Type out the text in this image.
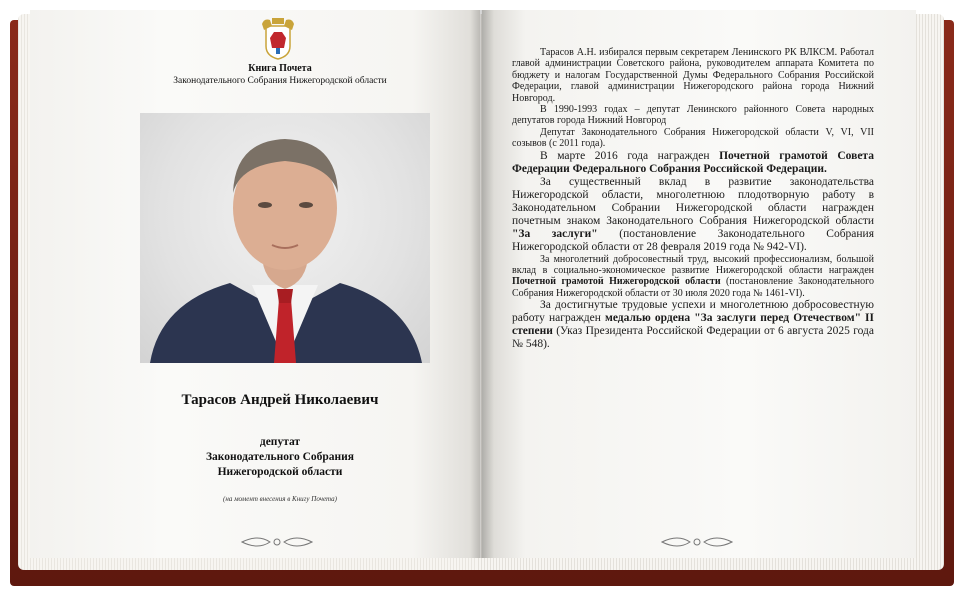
Книга Почета
Законодательного Собрания Нижегородской области
Тарасов Андрей Николаевич
депутат
Законодательного Собрания
Нижегородской области
(на момент внесения в Книгу Почета)

Тарасов А.Н. избирался первым секретарем Ленинского РК ВЛКСМ. Работал главой администрации Советского района, руководителем аппарата Комитета по бюджету и налогам Государственной Думы Федерального Собрания Российской Федерации, главой администрации Нижегородского района города Нижний Новгород.

В 1990-1993 годах – депутат Ленинского районного Совета народных депутатов города Нижний Новгород

Депутат Законодательного Собрания Нижегородской области V, VI, VII созывов (с 2011 года).

В марте 2016 года награжден Почетной грамотой Совета Федерации Федерального Собрания Российской Федерации.

За существенный вклад в развитие законодательства Нижегородской области, многолетнюю плодотворную работу в Законодательном Собрании Нижегородской области награжден почетным знаком Законодательного Собрания Нижегородской области "За заслуги" (постановление Законодательного Собрания Нижегородской области от 28 февраля 2019 года № 942-VI).

За многолетний добросовестный труд, высокий профессионализм, большой вклад в социально-экономическое развитие Нижегородской области награжден Почетной грамотой Нижегородской области (постановление Законодательного Собрания Нижегородской области от 30 июля 2020 года № 1461-VI).

За достигнутые трудовые успехи и многолетнюю добросовестную работу награжден медалью ордена "За заслуги перед Отечеством" II степени (Указ Президента Российской Федерации от 6 августа 2025 года № 548).
